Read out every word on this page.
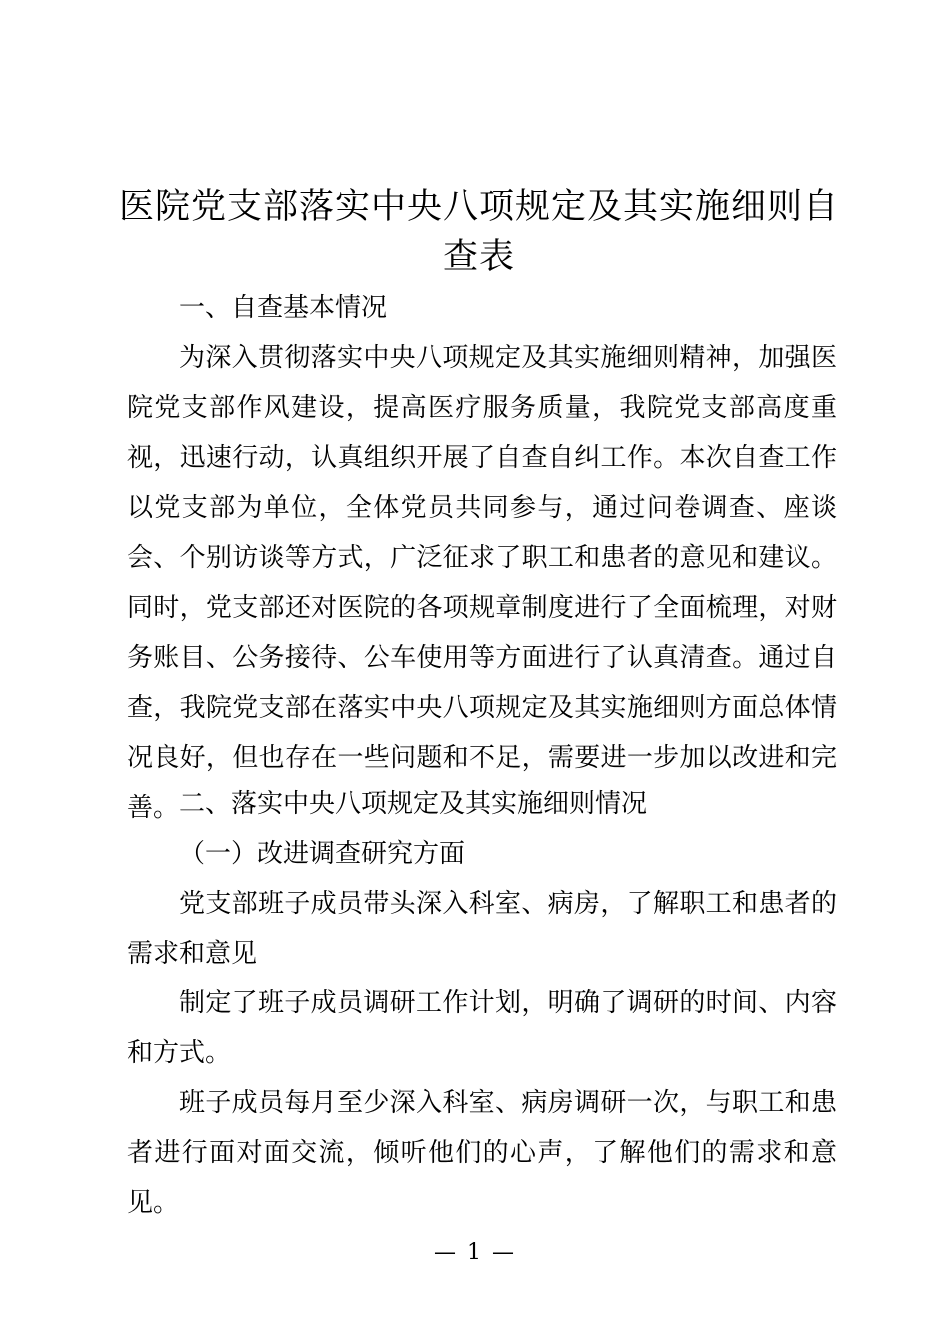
医院党支部落实中央八项规定及其实施细则自查表

一、自查基本情况

为深入贯彻落实中央八项规定及其实施细则精神，加强医院党支部作风建设，提高医疗服务质量，我院党支部高度重视，迅速行动，认真组织开展了自查自纠工作。本次自查工作以党支部为单位，全体党员共同参与，通过问卷调查、座谈会、个别访谈等方式，广泛征求了职工和患者的意见和建议。同时，党支部还对医院的各项规章制度进行了全面梳理，对财务账目、公务接待、公车使用等方面进行了认真清查。通过自查，我院党支部在落实中央八项规定及其实施细则方面总体情况良好，但也存在一些问题和不足，需要进一步加以改进和完善。 二、落实中央八项规定及其实施细则情况

（一）改进调查研究方面

党支部班子成员带头深入科室、病房，了解职工和患者的需求和意见

制定了班子成员调研工作计划，明确了调研的时间、内容和方式。

班子成员每月至少深入科室、病房调研一次，与职工和患者进行面对面交流，倾听他们的心声，了解他们的需求和意见。

— 1 —
